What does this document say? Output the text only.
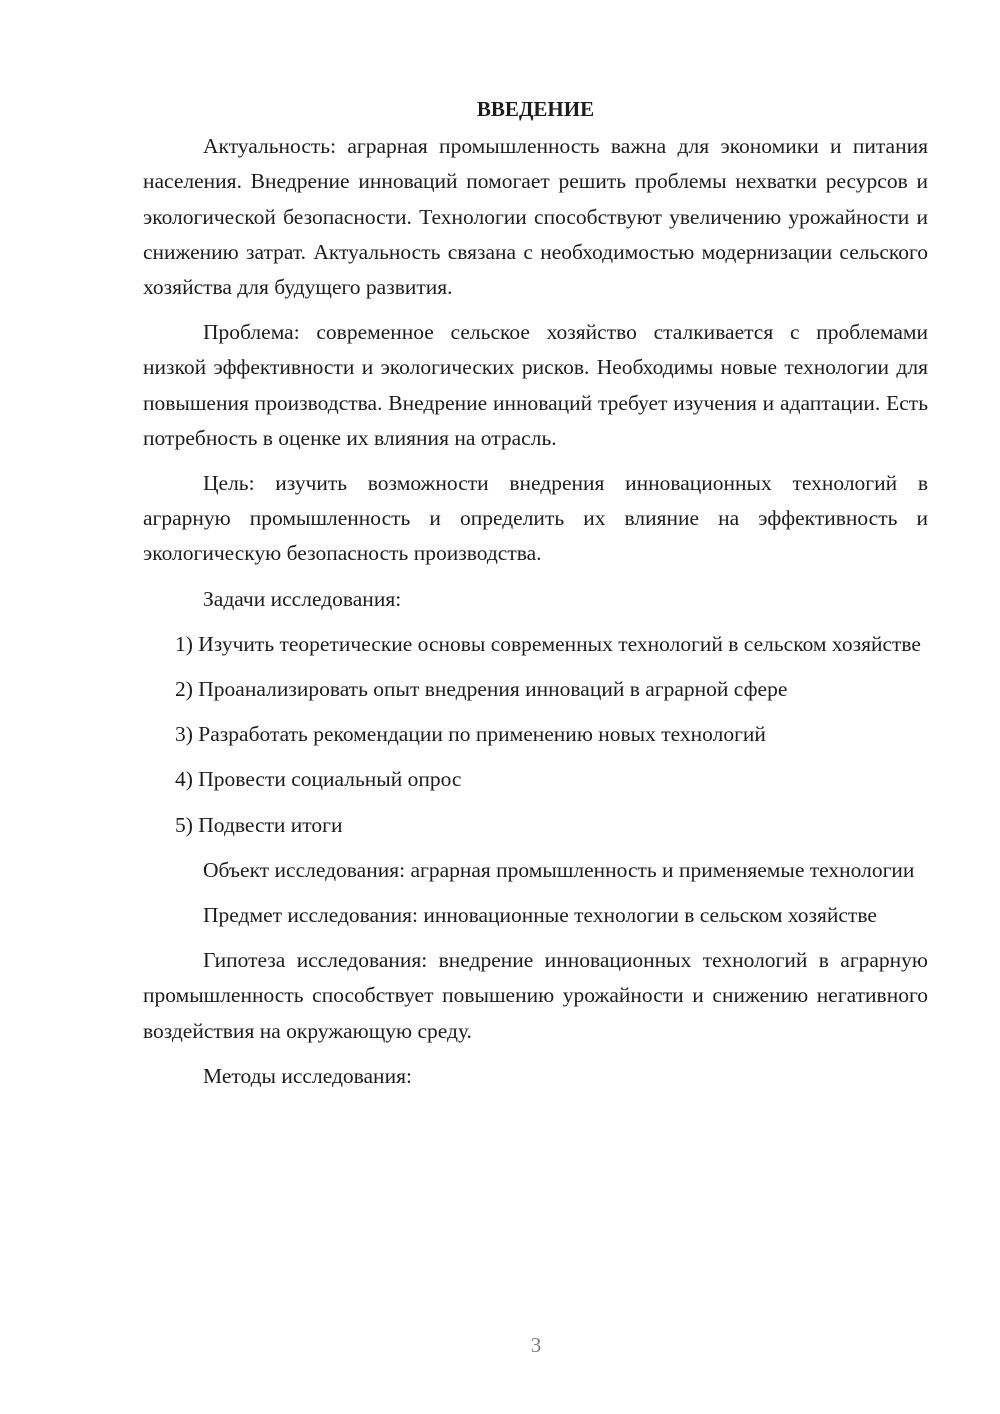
ВВЕДЕНИЕ

Актуальность: аграрная промышленность важна для экономики и питания населения. Внедрение инноваций помогает решить проблемы нехватки ресурсов и экологической безопасности. Технологии способствуют увеличению урожайности и снижению затрат. Актуальность связана с необходимостью модернизации сельского хозяйства для будущего развития.

Проблема: современное сельское хозяйство сталкивается с проблемами низкой эффективности и экологических рисков. Необходимы новые технологии для повышения производства. Внедрение инноваций требует изучения и адаптации. Есть потребность в оценке их влияния на отрасль.

Цель: изучить возможности внедрения инновационных технологий в аграрную промышленность и определить их влияние на эффективность и экологическую безопасность производства.

Задачи исследования:

1) Изучить теоретические основы современных технологий в сельском хозяйстве

2) Проанализировать опыт внедрения инноваций в аграрной сфере

3) Разработать рекомендации по применению новых технологий

4) Провести социальный опрос

5) Подвести итоги

Объект исследования: аграрная промышленность и применяемые технологии

Предмет исследования: инновационные технологии в сельском хозяйстве

Гипотеза исследования: внедрение инновационных технологий в аграрную промышленность способствует повышению урожайности и снижению негативного воздействия на окружающую среду.

Методы исследования:

3
